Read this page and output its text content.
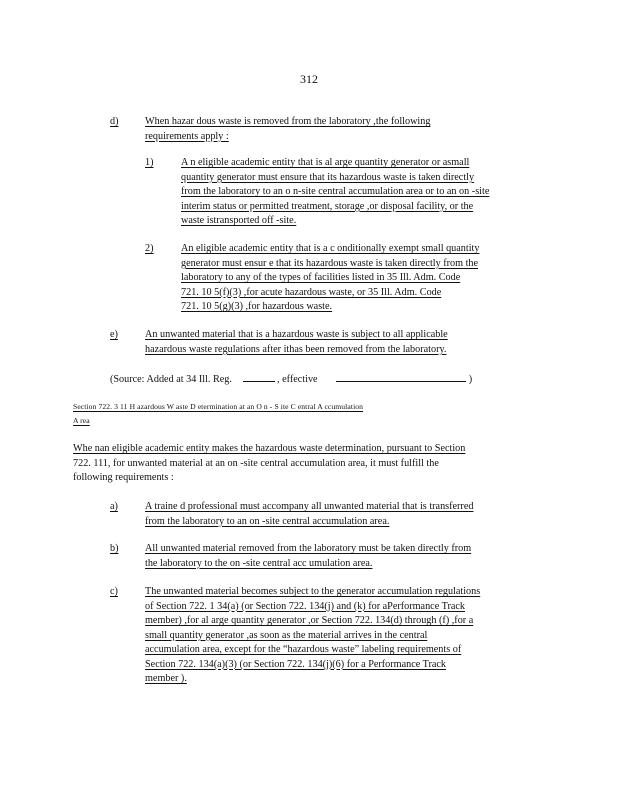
312
d)	When hazar dous waste is removed from the laboratory ,the following
requirements apply :
1)	A n eligible academic entity that is al arge quantity generator or asmall
quantity generator must ensure that its hazardous waste is taken directly
from the laboratory to an o n-site central accumulation area or to an on -site
interim status or permitted treatment, storage ,or disposal facility, or the
waste istransported off -site.
2)	An eligible academic entity that is a c onditionally exempt small quantity
generator must ensur e that its hazardous waste is taken directly from the
laboratory to any of the types of facilities listed in 35 Ill. Adm. Code
721. 10 5(f)(3) ,for acute hazardous waste, or 35 Ill. Adm. Code
721. 10 5(g)(3) ,for hazardous waste.
e)	An unwanted material that is a hazardous waste is subject to all applicable
hazardous waste regulations after ithas been removed from the laboratory.
(Source: Added at 34 Ill. Reg.	, effective	)
Section 722. 3 11 H azardous W aste D etermination at an O n - S ite C entral A ccumulation
A rea
Whe nan eligible academic entity makes the hazardous waste determination, pursuant to Section
722. 111, for unwanted material at an on -site central accumulation area, it must fulfill the
following requirements :
a)	A traine d professional must accompany all unwanted material that is transferred
from the laboratory to an on -site central accumulation area.
b)	All unwanted material removed from the laboratory must be taken directly from
the laboratory to the on -site central acc umulation area.
c)	The unwanted material becomes subject to the generator accumulation regulations
of Section 722. 1 34(a) (or Section 722. 134(j) and (k) for aPerformance Track
member) ,for al arge quantity generator ,or Section 722. 134(d) through (f) ,for a
small quantity generator ,as soon as the material arrives in the central
accumulation area, except for the “hazardous waste” labeling requirements of
Section 722. 134(a)(3) (or Section 722. 134(j)(6) for a Performance Track
member ).
